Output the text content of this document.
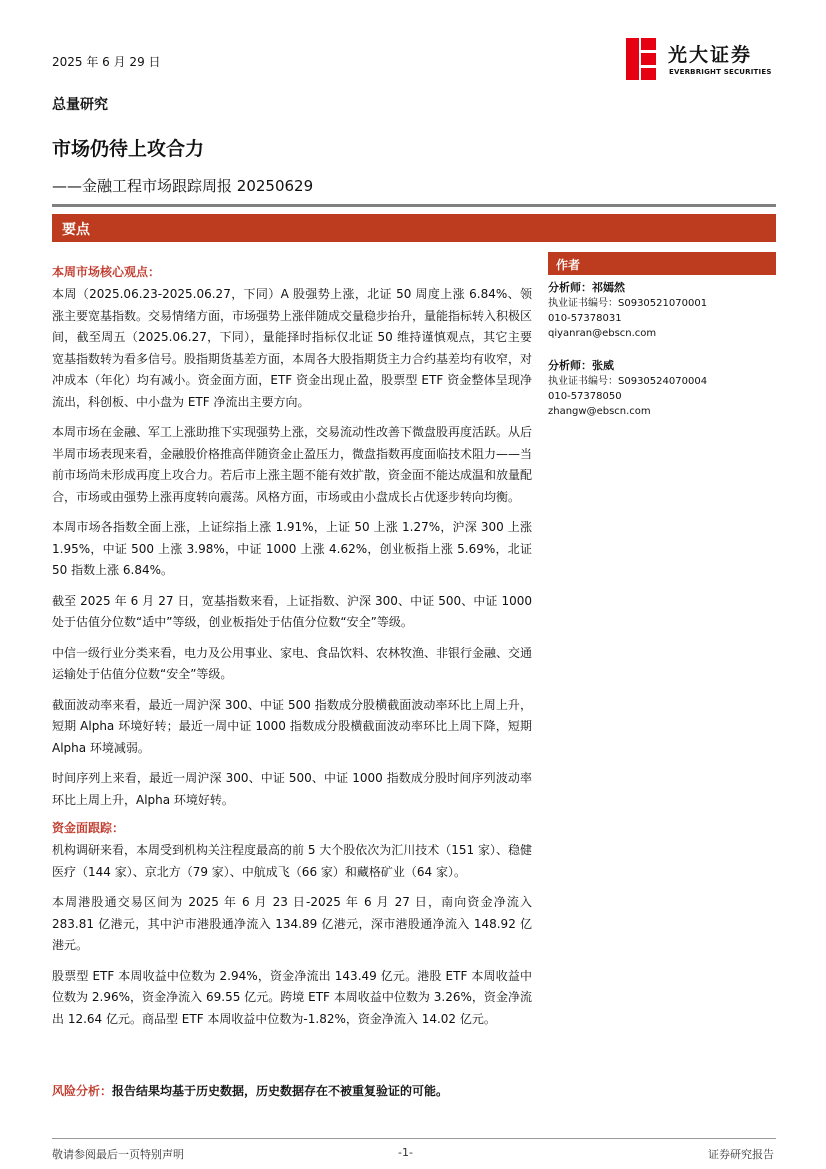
2025 年 6 月 29 日	光大证券
EVERBRIGHT SECURITIES
总量研究
市场仍待上攻合力
——金融工程市场跟踪周报 20250629
要点
本周市场核心观点：

本周（2025.06.23-2025.06.27，下同）A 股强势上涨，北证 50 周度上涨 6.84%、领涨主要宽基指数。交易情绪方面，市场强势上涨伴随成交量稳步抬升，量能指标转入积极区间，截至周五（2025.06.27，下同），量能择时指标仅北证 50 维持谨慎观点，其它主要宽基指数转为看多信号。股指期货基差方面，本周各大股指期货主力合约基差均有收窄，对冲成本（年化）均有减小。资金面方面，ETF 资金出现止盈，股票型 ETF 资金整体呈现净流出，科创板、中小盘为 ETF 净流出主要方向。

本周市场在金融、军工上涨助推下实现强势上涨，交易流动性改善下微盘股再度活跃。从后半周市场表现来看，金融股价格推高伴随资金止盈压力，微盘指数再度面临技术阻力——当前市场尚未形成再度上攻合力。若后市上涨主题不能有效扩散，资金面不能达成温和放量配合，市场或由强势上涨再度转向震荡。风格方面，市场或由小盘成长占优逐步转向均衡。

本周市场各指数全面上涨，上证综指上涨 1.91%，上证 50 上涨 1.27%，沪深 300 上涨 1.95%，中证 500 上涨 3.98%，中证 1000 上涨 4.62%，创业板指上涨 5.69%，北证 50 指数上涨 6.84%。

截至 2025 年 6 月 27 日，宽基指数来看，上证指数、沪深 300、中证 500、中证 1000 处于估值分位数“适中”等级，创业板指处于估值分位数“安全”等级。

中信一级行业分类来看，电力及公用事业、家电、食品饮料、农林牧渔、非银行金融、交通运输处于估值分位数“安全”等级。

截面波动率来看，最近一周沪深 300、中证 500 指数成分股横截面波动率环比上周上升，短期 Alpha 环境好转；最近一周中证 1000 指数成分股横截面波动率环比上周下降，短期 Alpha 环境减弱。

时间序列上来看，最近一周沪深 300、中证 500、中证 1000 指数成分股时间序列波动率环比上周上升，Alpha 环境好转。

资金面跟踪：

机构调研来看，本周受到机构关注程度最高的前 5 大个股依次为汇川技术（151 家）、稳健医疗（144 家）、京北方（79 家）、中航成飞（66 家）和藏格矿业（64 家）。

本周港股通交易区间为 2025 年 6 月 23 日-2025 年 6 月 27 日，南向资金净流入 283.81 亿港元，其中沪市港股通净流入 134.89 亿港元，深市港股通净流入 148.92 亿港元。

股票型 ETF 本周收益中位数为 2.94%，资金净流出 143.49 亿元。港股 ETF 本周收益中位数为 2.96%，资金净流入 69.55 亿元。跨境 ETF 本周收益中位数为 3.26%，资金净流出 12.64 亿元。商品型 ETF 本周收益中位数为-1.82%，资金净流入 14.02 亿元。

作者
分析师：祁嫣然
执业证书编号：S0930521070001
010-57378031
qiyanran@ebscn.com
分析师：张威
执业证书编号：S0930524070004
010-57378050
zhangw@ebscn.com
风险分析：报告结果均基于历史数据，历史数据存在不被重复验证的可能。
敬请参阅最后一页特别声明	-1-	证券研究报告
